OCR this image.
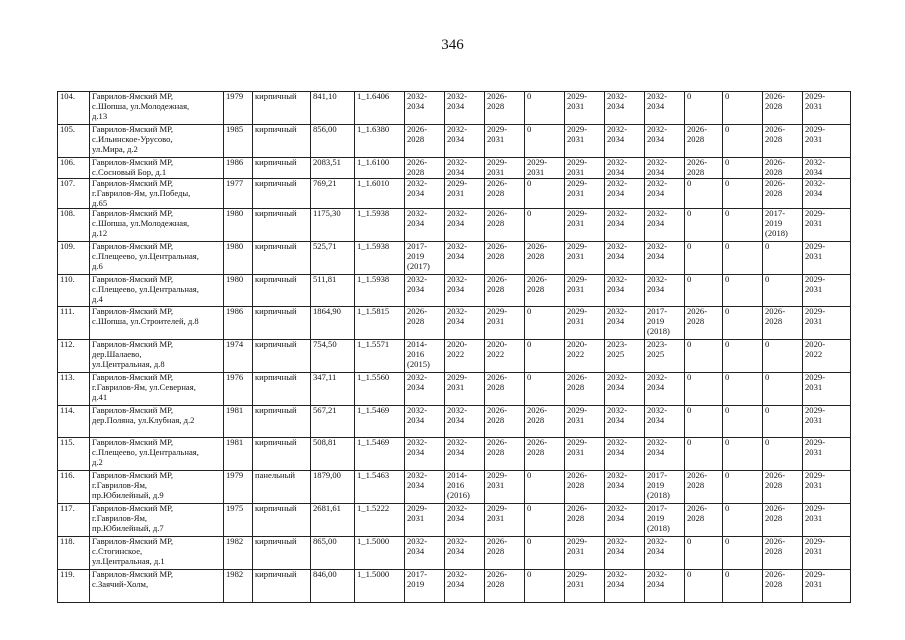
346
104.	Гаврилов-Ямский МР,
с.Шопша, ул.Молодежная,
д.13	1979	кирпичный	841,10	1_1.6406	2032-
2034	2032-
2034	2026-
2028	0	2029-
2031	2032-
2034	2032-
2034	0	0	2026-
2028	2029-
2031
105.	Гаврилов-Ямский МР,
с.Ильинское-Урусово,
ул.Мира, д.2	1985	кирпичный	856,00	1_1.6380	2026-
2028	2032-
2034	2029-
2031	0	2029-
2031	2032-
2034	2032-
2034	2026-
2028	0	2026-
2028	2029-
2031
106.	Гаврилов-Ямский МР,
с.Сосновый Бор, д.1	1986	кирпичный	2083,51	1_1.6100	2026-
2028	2032-
2034	2029-
2031	2029-
2031	2029-
2031	2032-
2034	2032-
2034	2026-
2028	0	2026-
2028	2032-
2034
107.	Гаврилов-Ямский МР,
г.Гаврилов-Ям, ул.Победы,
д.65	1977	кирпичный	769,21	1_1.6010	2032-
2034	2029-
2031	2026-
2028	0	2029-
2031	2032-
2034	2032-
2034	0	0	2026-
2028	2032-
2034
108.	Гаврилов-Ямский МР,
с.Шопша, ул.Молодежная,
д.12	1980	кирпичный	1175,30	1_1.5938	2032-
2034	2032-
2034	2026-
2028	0	2029-
2031	2032-
2034	2032-
2034	0	0	2017-
2019
(2018)	2029-
2031
109.	Гаврилов-Ямский МР,
с.Плещеево, ул.Центральная,
д.6	1980	кирпичный	525,71	1_1.5938	2017-
2019
(2017)	2032-
2034	2026-
2028	2026-
2028	2029-
2031	2032-
2034	2032-
2034	0	0	0	2029-
2031
110.	Гаврилов-Ямский МР,
с.Плещеево, ул.Центральная,
д.4	1980	кирпичный	511,81	1_1.5938	2032-
2034	2032-
2034	2026-
2028	2026-
2028	2029-
2031	2032-
2034	2032-
2034	0	0	0	2029-
2031
111.	Гаврилов-Ямский МР,
с.Шопша, ул.Строителей, д.8	1986	кирпичный	1864,90	1_1.5815	2026-
2028	2032-
2034	2029-
2031	0	2029-
2031	2032-
2034	2017-
2019
(2018)	2026-
2028	0	2026-
2028	2029-
2031
112.	Гаврилов-Ямский МР,
дер.Шалаево,
ул.Центральная, д.8	1974	кирпичный	754,50	1_1.5571	2014-
2016
(2015)	2020-
2022	2020-
2022	0	2020-
2022	2023-
2025	2023-
2025	0	0	0	2020-
2022
113.	Гаврилов-Ямский МР,
г.Гаврилов-Ям, ул.Северная,
д.41	1976	кирпичный	347,11	1_1.5560	2032-
2034	2029-
2031	2026-
2028	0	2026-
2028	2032-
2034	2032-
2034	0	0	0	2029-
2031
114.	Гаврилов-Ямский МР,
дер.Поляна, ул.Клубная, д.2	1981	кирпичный	567,21	1_1.5469	2032-
2034	2032-
2034	2026-
2028	2026-
2028	2029-
2031	2032-
2034	2032-
2034	0	0	0	2029-
2031
115.	Гаврилов-Ямский МР,
с.Плещеево, ул.Центральная,
д.2	1981	кирпичный	508,81	1_1.5469	2032-
2034	2032-
2034	2026-
2028	2026-
2028	2029-
2031	2032-
2034	2032-
2034	0	0	0	2029-
2031
116.	Гаврилов-Ямский МР,
г.Гаврилов-Ям,
пр.Юбилейный, д.9	1979	панельный	1879,00	1_1.5463	2032-
2034	2014-
2016
(2016)	2029-
2031	0	2026-
2028	2032-
2034	2017-
2019
(2018)	2026-
2028	0	2026-
2028	2029-
2031
117.	Гаврилов-Ямский МР,
г.Гаврилов-Ям,
пр.Юбилейный, д.7	1975	кирпичный	2681,61	1_1.5222	2029-
2031	2032-
2034	2029-
2031	0	2026-
2028	2032-
2034	2017-
2019
(2018)	2026-
2028	0	2026-
2028	2029-
2031
118.	Гаврилов-Ямский МР,
с.Стогинское,
ул.Центральная, д.1	1982	кирпичный	865,00	1_1.5000	2032-
2034	2032-
2034	2026-
2028	0	2029-
2031	2032-
2034	2032-
2034	0	0	2026-
2028	2029-
2031
119.	Гаврилов-Ямский МР,
с.Заячий-Холм,	1982	кирпичный	846,00	1_1.5000	2017-
2019	2032-
2034	2026-
2028	0	2029-
2031	2032-
2034	2032-
2034	0	0	2026-
2028	2029-
2031
